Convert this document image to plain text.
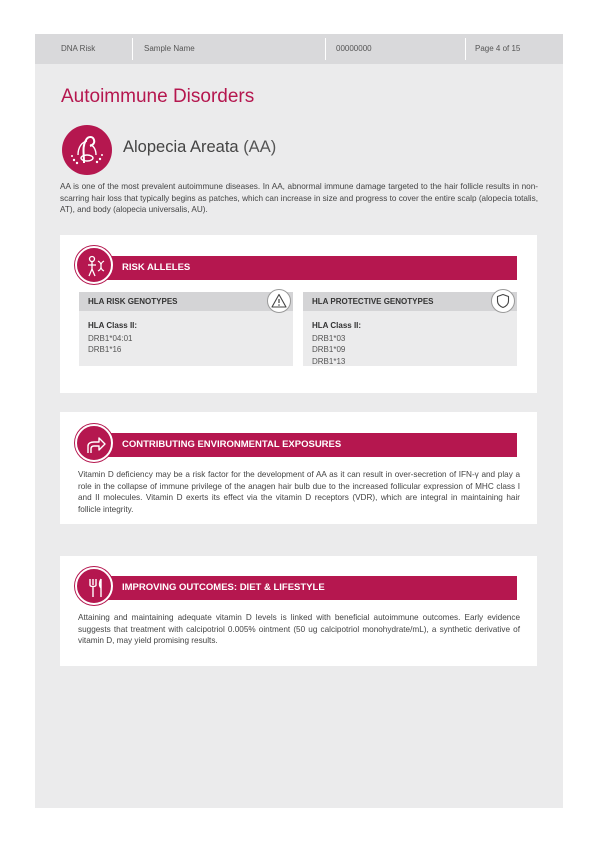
DNA Risk	Sample Name	00000000	Page 4 of 15
Autoimmune Disorders
Alopecia Areata (AA)

AA is one of the most prevalent autoimmune diseases. In AA, abnormal immune damage targeted to the hair follicle results in non-scarring hair loss that typically begins as patches, which can increase in size and progress to cover the entire scalp (alopecia totalis, AT), and body (alopecia universalis, AU).

RISK ALLELES
HLA RISK GENOTYPES
HLA Class II:
DRB1*04:01
DRB1*16
HLA PROTECTIVE GENOTYPES
HLA Class II:
DRB1*03
DRB1*09
DRB1*13
CONTRIBUTING ENVIRONMENTAL EXPOSURES

Vitamin D deficiency may be a risk factor for the development of AA as it can result in over-secretion of IFN-γ and play a role in the collapse of immune privilege of the anagen hair bulb due to the increased follicular expression of MHC class I and II molecules. Vitamin D exerts its effect via the vitamin D receptors (VDR), which are integral in maintaining hair follicle integrity.

IMPROVING OUTCOMES: DIET & LIFESTYLE

Attaining and maintaining adequate vitamin D levels is linked with beneficial autoimmune outcomes. Early evidence suggests that treatment with calcipotriol 0.005% ointment (50 ug calcipotriol monohydrate/mL), a synthetic derivative of vitamin D, may yield promising results.
